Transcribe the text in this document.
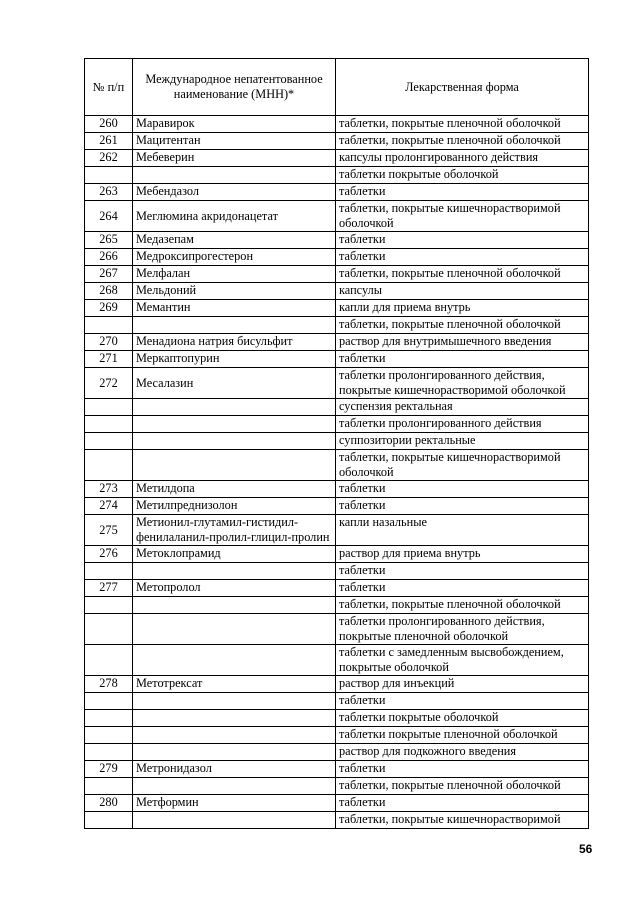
№ п/п	Международное непатентованное наименование (МНН)*	Лекарственная форма
260	Маравирок	таблетки, покрытые пленочной оболочкой
261	Мацитентан	таблетки, покрытые пленочной оболочкой
262	Мебеверин	капсулы пролонгированного действия
		таблетки покрытые оболочкой
263	Мебендазол	таблетки
264	Меглюмина акридонацетат	таблетки, покрытые кишечнорастворимой оболочкой
265	Медазепам	таблетки
266	Медроксипрогестерон	таблетки
267	Мелфалан	таблетки, покрытые пленочной оболочкой
268	Мельдоний	капсулы
269	Мемантин	капли для приема внутрь
		таблетки, покрытые пленочной оболочкой
270	Менадиона натрия бисульфит	раствор для внутримышечного введения
271	Меркаптопурин	таблетки
272	Месалазин	таблетки пролонгированного действия, покрытые кишечнорастворимой оболочкой
		суспензия ректальная
		таблетки пролонгированного действия
		суппозитории ректальные
		таблетки, покрытые кишечнорастворимой оболочкой
273	Метилдопа	таблетки
274	Метилпреднизолон	таблетки
275	Метионил-глутамил-гистидил-фенилаланил-пролил-глицил-пролин	капли назальные
276	Метоклопрамид	раствор для приема внутрь
		таблетки
277	Метопролол	таблетки
		таблетки, покрытые пленочной оболочкой
		таблетки пролонгированного действия, покрытые пленочной оболочкой
		таблетки с замедленным высвобождением, покрытые оболочкой
278	Метотрексат	раствор для инъекций
		таблетки
		таблетки покрытые оболочкой
		таблетки покрытые пленочной оболочкой
		раствор для подкожного введения
279	Метронидазол	таблетки
		таблетки, покрытые пленочной оболочкой
280	Метформин	таблетки
		таблетки, покрытые кишечнорастворимой
56
